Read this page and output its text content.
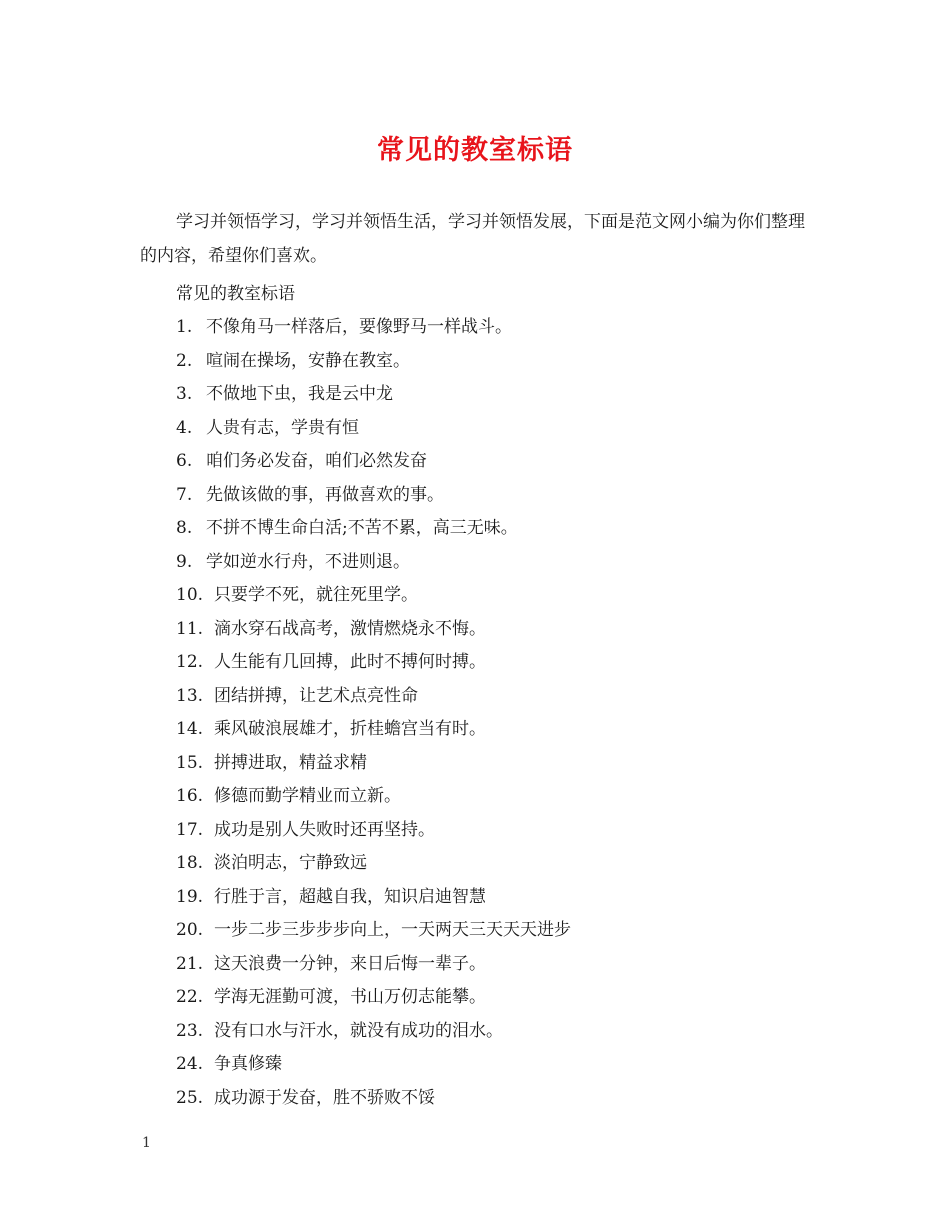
常见的教室标语

学习并领悟学习，学习并领悟生活，学习并领悟发展，下面是范文网小编为你们整理的内容，希望你们喜欢。

常见的教室标语
1. 不像角马一样落后，要像野马一样战斗。
2. 喧闹在操场，安静在教室。
3. 不做地下虫，我是云中龙
4. 人贵有志，学贵有恒
6. 咱们务必发奋，咱们必然发奋
7. 先做该做的事，再做喜欢的事。
8. 不拼不博生命白活;不苦不累，高三无味。
9. 学如逆水行舟，不进则退。
10. 只要学不死，就往死里学。
11. 滴水穿石战高考，激情燃烧永不悔。
12. 人生能有几回搏，此时不搏何时搏。
13. 团结拼搏，让艺术点亮性命
14. 乘风破浪展雄才，折桂蟾宫当有时。
15. 拼搏进取，精益求精
16. 修德而勤学精业而立新。
17. 成功是别人失败时还再坚持。
18. 淡泊明志，宁静致远
19. 行胜于言，超越自我，知识启迪智慧
20. 一步二步三步步步向上，一天两天三天天天进步
21. 这天浪费一分钟，来日后悔一辈子。
22. 学海无涯勤可渡，书山万仞志能攀。
23. 没有口水与汗水，就没有成功的泪水。
24. 争真修臻
25. 成功源于发奋，胜不骄败不馁
1
